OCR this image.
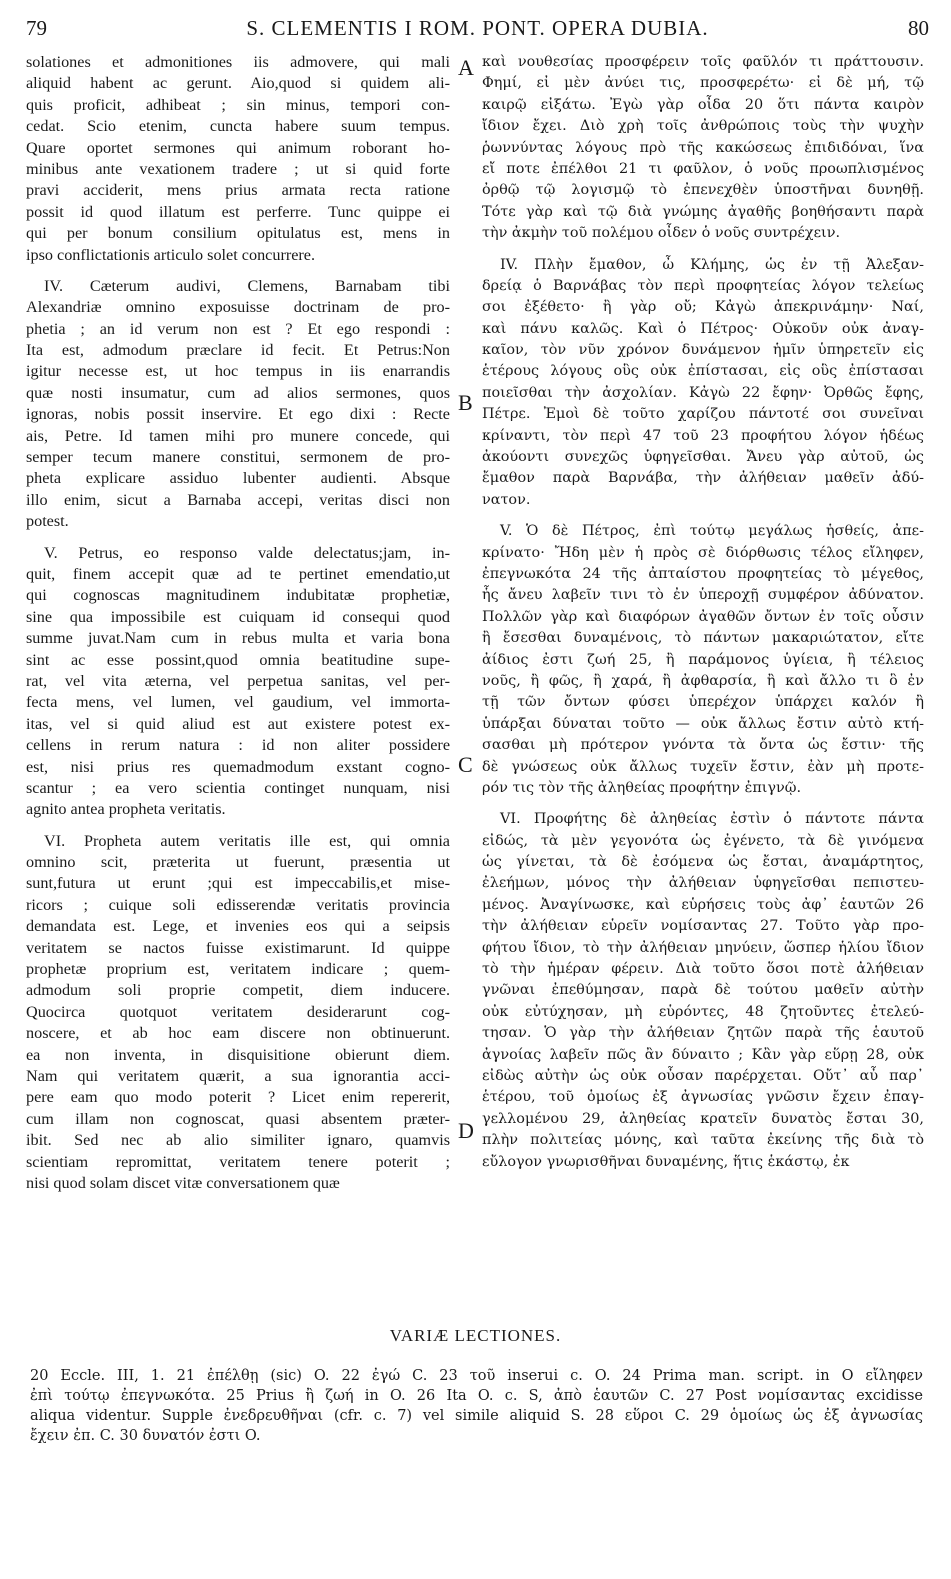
79	S. CLEMENTIS I ROM. PONT. OPERA DUBIA.	80
solationes et admonitiones iis admovere, qui mali
aliquid habent ac gerunt. Aio,quod si quidem ali-
quis proficit, adhibeat ; sin minus, tempori con-
cedat. Scio etenim, cuncta habere suum tempus.
Quare oportet sermones qui animum roborant ho-
minibus ante vexationem tradere ; ut si quid forte
pravi acciderit, mens prius armata recta ratione
possit id quod illatum est perferre. Tunc quippe ei
qui per bonum consilium opitulatus est, mens in
ipso conflictationis articulo solet concurrere.
IV. Cæterum audivi, Clemens, Barnabam tibi
Alexandriæ omnino exposuisse doctrinam de pro-
phetia ; an id verum non est ? Et ego respondi :
Ita est, admodum præclare id fecit. Et Petrus:Non
igitur necesse est, ut hoc tempus in iis enarrandis
quæ nosti insumatur, cum ad alios sermones, quos
ignoras, nobis possit inservire. Et ego dixi : Recte
ais, Petre. Id tamen mihi pro munere concede, qui
semper tecum manere constitui, sermonem de pro-
pheta explicare assiduo lubenter audienti. Absque
illo enim, sicut a Barnaba accepi, veritas disci non
potest.
V. Petrus, eo responso valde delectatus;jam, in-
quit, finem accepit quæ ad te pertinet emendatio,ut
qui cognoscas magnitudinem indubitatæ prophetiæ,
sine qua impossibile est cuiquam id consequi quod
summe juvat.Nam cum in rebus multa et varia bona
sint ac esse possint,quod omnia beatitudine supe-
rat, vel vita æterna, vel perpetua sanitas, vel per-
fecta mens, vel lumen, vel gaudium, vel immorta-
itas, vel si quid aliud est aut existere potest ex-
cellens in rerum natura : id non aliter possidere
est, nisi prius res quemadmodum exstant cogno-
scantur ; ea vero scientia continget nunquam, nisi
agnito antea propheta veritatis.
VI. Propheta autem veritatis ille est, qui omnia
omnino scit, præterita ut fuerunt, præsentia ut
sunt,futura ut erunt ;qui est impeccabilis,et mise-
ricors ; cuique soli edisserendæ veritatis provincia
demandata est. Lege, et invenies eos qui a seipsis
veritatem se nactos fuisse existimarunt. Id quippe
prophetæ proprium est, veritatem indicare ; quem-
admodum soli proprie competit, diem inducere.
Quocirca quotquot veritatem desiderarunt cog-
noscere, et ab hoc eam discere non obtinuerunt.
ea non inventa, in disquisitione obierunt diem.
Nam qui veritatem quærit, a sua ignorantia acci-
pere eam quo modo poterit ? Licet enim repererit,
cum illam non cognoscat, quasi absentem præter-
ibit. Sed nec ab alio similiter ignaro, quamvis
scientiam repromittat, veritatem tenere poterit ;
nisi quod solam discet vitæ conversationem quæ
καὶ νουθεσίας προσφέρειν τοῖς φαῦλόν τι πράττουσιν.
Φημί, εἰ μὲν ἀνύει τις, προσφερέτω· εἰ δὲ μή, τῷ
καιρῷ εἰξάτω. Ἐγὼ γὰρ οἶδα 20 ὅτι πάντα καιρὸν
ἴδιον ἔχει. Διὸ χρὴ τοῖς ἀνθρώποις τοὺς τὴν ψυχὴν
ῥωννύντας λόγους πρὸ τῆς κακώσεως ἐπιδιδόναι, ἵνα
εἴ ποτε ἐπέλθοι 21 τι φαῦλον, ὁ νοῦς προωπλισμένος
ὀρθῷ τῷ λογισμῷ τὸ ἐπενεχθὲν ὑποστῆναι δυνηθῇ.
Τότε γὰρ καὶ τῷ διὰ γνώμης ἀγαθῆς βοηθήσαντι παρὰ
τὴν ἀκμὴν τοῦ πολέμου οἶδεν ὁ νοῦς συντρέχειν.
IV. Πλὴν ἔμαθον, ὦ Κλήμης, ὡς ἐν τῇ Ἀλεξαν-
δρείᾳ ὁ Βαρνάβας τὸν περὶ προφητείας λόγον τελείως
σοι ἐξέθετο· ἢ γὰρ οὔ; Κἀγὼ ἀπεκρινάμην· Ναί,
καὶ πάνυ καλῶς. Καὶ ὁ Πέτρος· Οὐκοῦν οὐκ ἀναγ-
καῖον, τὸν νῦν χρόνον δυνάμενον ἡμῖν ὑπηρετεῖν εἰς
ἑτέρους λόγους οὓς οὐκ ἐπίστασαι, εἰς οὓς ἐπίστασαι
ποιεῖσθαι τὴν ἀσχολίαν. Κἀγὼ 22 ἔφην· Ὀρθῶς ἔφης,
Πέτρε. Ἐμοὶ δὲ τοῦτο χαρίζου πάντοτέ σοι συνεῖναι
κρίναντι, τὸν περὶ 47 τοῦ 23 προφήτου λόγον ἡδέως
ἀκούοντι συνεχῶς ὑφηγεῖσθαι. Ἄνευ γὰρ αὐτοῦ, ὡς
ἔμαθον παρὰ Βαρνάβα, τὴν ἀλήθειαν μαθεῖν ἀδύ-
νατον.
V. Ὁ δὲ Πέτρος, ἐπὶ τούτῳ μεγάλως ἡσθείς, ἀπε-
κρίνατο· Ἤδη μὲν ἡ πρὸς σὲ διόρθωσις τέλος εἴληφεν,
ἐπεγνωκότα 24 τῆς ἀπταίστου προφητείας τὸ μέγεθος,
ἧς ἄνευ λαβεῖν τινι τὸ ἐν ὑπεροχῇ συμφέρον ἀδύνατον.
Πολλῶν γὰρ καὶ διαφόρων ἀγαθῶν ὄντων ἐν τοῖς οὖσιν
ἢ ἔσεσθαι δυναμένοις, τὸ πάντων μακαριώτατον, εἴτε
ἀίδιος ἐστι ζωή 25, ἢ παράμονος ὑγίεια, ἢ τέλειος
νοῦς, ἢ φῶς, ἢ χαρά, ἢ ἀφθαρσία, ἢ καὶ ἄλλο τι ὃ ἐν
τῇ τῶν ὄντων φύσει ὑπερέχον ὑπάρχει καλόν ἢ
ὑπάρξαι δύναται τοῦτο — οὐκ ἄλλως ἔστιν αὐτὸ κτή-
σασθαι μὴ πρότερον γνόντα τὰ ὄντα ὡς ἔστιν· τῆς
δὲ γνώσεως οὐκ ἄλλως τυχεῖν ἔστιν, ἐὰν μὴ προτε-
ρόν τις τὸν τῆς ἀληθείας προφήτην ἐπιγνῷ.
VI. Προφήτης δὲ ἀληθείας ἐστὶν ὁ πάντοτε πάντα
εἰδώς, τὰ μὲν γεγονότα ὡς ἐγένετο, τὰ δὲ γινόμενα
ὡς γίνεται, τὰ δὲ ἐσόμενα ὡς ἔσται, ἀναμάρτητος,
ἐλεήμων, μόνος τὴν ἀλήθειαν ὑφηγεῖσθαι πεπιστευ-
μένος. Ἀναγίνωσκε, καὶ εὑρήσεις τοὺς ἀφ᾽ ἑαυτῶν 26
τὴν ἀλήθειαν εὑρεῖν νομίσαντας 27. Τοῦτο γὰρ προ-
φήτου ἴδιον, τὸ τὴν ἀλήθειαν μηνύειν, ὥσπερ ἡλίου ἴδιον
τὸ τὴν ἡμέραν φέρειν. Διὰ τοῦτο ὅσοι ποτὲ ἀλήθειαν
γνῶναι ἐπεθύμησαν, παρὰ δὲ τούτου μαθεῖν αὐτὴν
οὐκ εὐτύχησαν, μὴ εὑρόντες, 48 ζητοῦντες ἐτελεύ-
τησαν. Ὁ γὰρ τὴν ἀλήθειαν ζητῶν παρὰ τῆς ἑαυτοῦ
ἀγνοίας λαβεῖν πῶς ἂν δύναιτο ; Κἂν γὰρ εὕρῃ 28, οὐκ
εἰδὼς αὐτὴν ὡς οὐκ οὖσαν παρέρχεται. Οὔτ᾽ αὖ παρ᾽
ἑτέρου, τοῦ ὁμοίως ἐξ ἀγνωσίας γνῶσιν ἔχειν ἐπαγ-
γελλομένου 29, ἀληθείας κρατεῖν δυνατὸς ἔσται 30,
πλὴν πολιτείας μόνης, καὶ ταῦτα ἐκείνης τῆς διὰ τὸ
εὔλογον γνωρισθῆναι δυναμένης, ἥτις ἑκάστῳ, ἐκ
A
B
C
D
VARIÆ LECTIONES.
20 Eccle. III, 1. 21 ἐπέλθῃ (sic) O. 22 ἐγώ C. 23 τοῦ inserui c. O. 24 Prima man. script. in O εἴληφεν
ἐπὶ τούτῳ ἐπεγνωκότα. 25 Prius ἢ ζωή in O. 26 Ita O. c. S, ἀπὸ ἑαυτῶν C. 27 Post νομίσαντας excidisse
aliqua videntur. Supple ἐνεδρευθῆναι (cfr. c. 7) vel simile aliquid S. 28 εὕροι C. 29 ὁμοίως ὡς ἐξ ἀγνωσίας
ἔχειν ἐπ. C. 30 δυνατόν ἐστι O.
